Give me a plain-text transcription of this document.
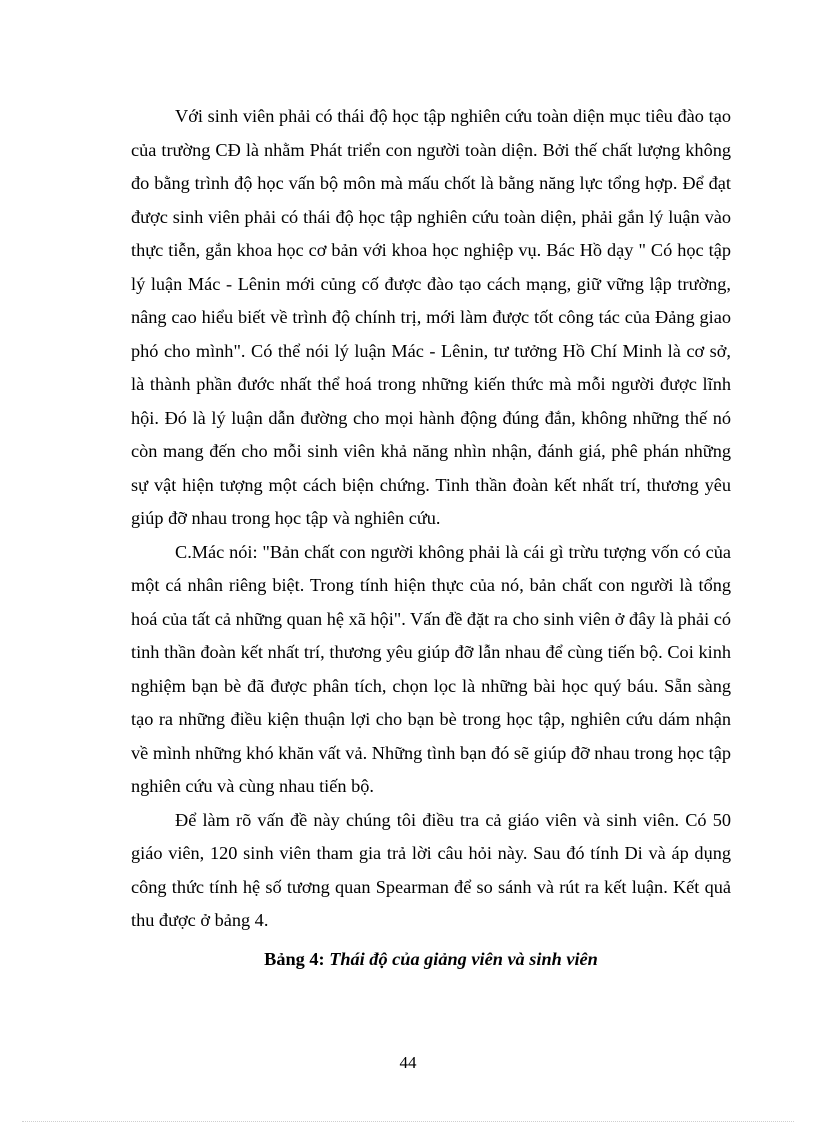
Với sinh viên phải có thái độ học tập nghiên cứu toàn diện mục tiêu đào tạo của trường CĐ là nhằm Phát triển con người toàn diện. Bởi thế chất lượng không đo bằng trình độ học vấn bộ môn mà mấu chốt là bằng năng lực tổng hợp. Để đạt được sinh viên phải có thái độ học tập nghiên cứu toàn diện, phải gắn lý luận vào thực tiễn, gắn khoa học cơ bản với khoa học nghiệp vụ. Bác Hồ dạy " Có học tập lý luận Mác - Lênin mới củng cố được đào tạo cách mạng, giữ vững lập trường, nâng cao hiểu biết về trình độ chính trị, mới làm được tốt công tác của Đảng giao phó cho mình". Có thể nói lý luận Mác - Lênin, tư tưởng Hồ Chí Minh là cơ sở, là thành phần đước nhất thể hoá trong những kiến thức mà mỗi người được lĩnh hội. Đó là lý luận dẫn đường cho mọi hành động đúng đắn, không những thế nó còn mang đến cho mỗi sinh viên khả năng nhìn nhận, đánh giá, phê phán những sự vật hiện tượng một cách biện chứng. Tinh thần đoàn kết nhất trí, thương yêu giúp đỡ nhau trong học tập và nghiên cứu.

C.Mác nói: "Bản chất con người không phải là cái gì trừu tượng vốn có của một cá nhân riêng biệt. Trong tính hiện thực của nó, bản chất con người là tổng hoá của tất cả những quan hệ xã hội". Vấn đề đặt ra cho sinh viên ở đây là phải có tinh thần đoàn kết nhất trí, thương yêu giúp đỡ lẫn nhau để cùng tiến bộ. Coi kinh nghiệm bạn bè đã được phân tích, chọn lọc là những bài học quý báu. Sẵn sàng tạo ra những điều kiện thuận lợi cho bạn bè trong học tập, nghiên cứu dám nhận về mình những khó khăn vất vả. Những tình bạn đó sẽ giúp đỡ nhau trong học tập nghiên cứu và cùng nhau tiến bộ.

Để làm rõ vấn đề này chúng tôi điều tra cả giáo viên và sinh viên. Có 50 giáo viên, 120 sinh viên tham gia trả lời câu hỏi này. Sau đó tính Di và áp dụng công thức tính hệ số tương quan Spearman để so sánh và rút ra kết luận. Kết quả thu được ở bảng 4.

Bảng 4: Thái độ của giảng viên và sinh viên

44
